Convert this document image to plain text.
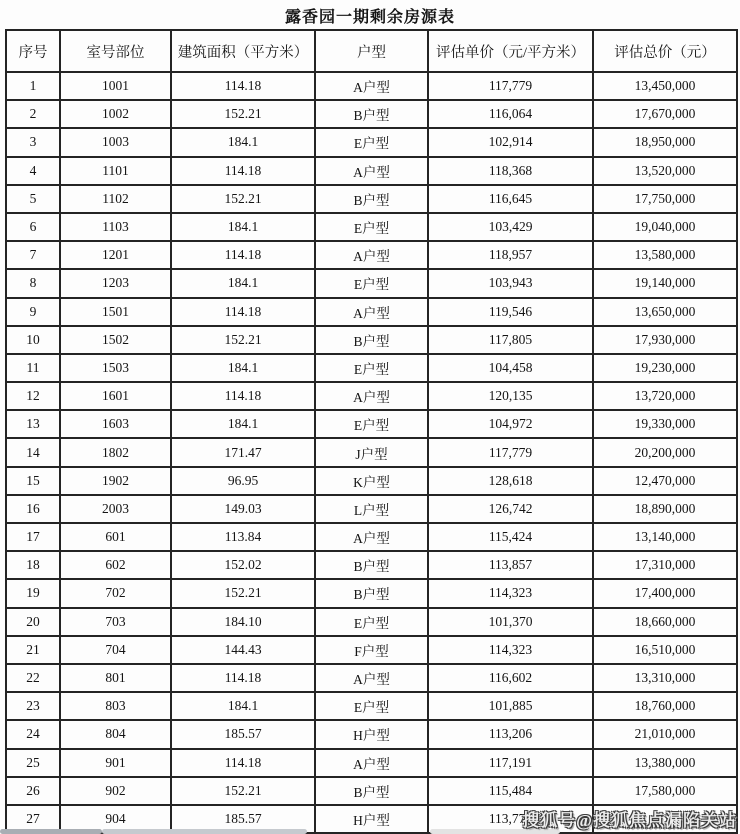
露香园一期剩余房源表
序号	室号部位	建筑面积（平方米）	户型	评估单价（元/平方米）	评估总价（元）
1	1001	114.18	A户型	117,779	13,450,000
2	1002	152.21	B户型	116,064	17,670,000
3	1003	184.1	E户型	102,914	18,950,000
4	1101	114.18	A户型	118,368	13,520,000
5	1102	152.21	B户型	116,645	17,750,000
6	1103	184.1	E户型	103,429	19,040,000
7	1201	114.18	A户型	118,957	13,580,000
8	1203	184.1	E户型	103,943	19,140,000
9	1501	114.18	A户型	119,546	13,650,000
10	1502	152.21	B户型	117,805	17,930,000
11	1503	184.1	E户型	104,458	19,230,000
12	1601	114.18	A户型	120,135	13,720,000
13	1603	184.1	E户型	104,972	19,330,000
14	1802	171.47	J户型	117,779	20,200,000
15	1902	96.95	K户型	128,618	12,470,000
16	2003	149.03	L户型	126,742	18,890,000
17	601	113.84	A户型	115,424	13,140,000
18	602	152.02	B户型	113,857	17,310,000
19	702	152.21	B户型	114,323	17,400,000
20	703	184.10	E户型	101,370	18,660,000
21	704	144.43	F户型	114,323	16,510,000
22	801	114.18	A户型	116,602	13,310,000
23	803	184.1	E户型	101,885	18,760,000
24	804	185.57	H户型	113,206	21,010,000
25	901	114.18	A户型	117,191	13,380,000
26	902	152.21	B户型	115,484	17,580,000
27	904	185.57	H户型	113,777	
搜狐号@搜狐焦点漏陷关站
